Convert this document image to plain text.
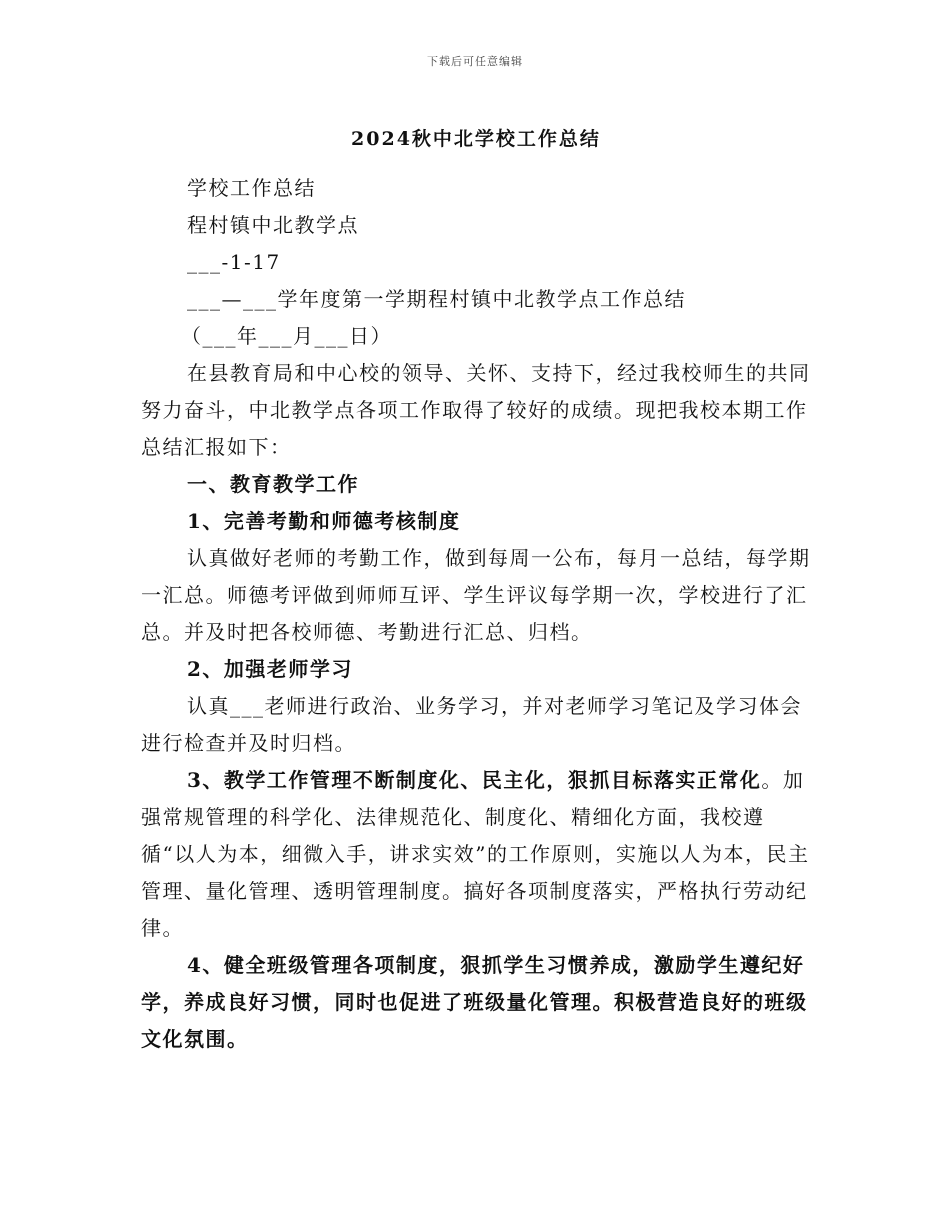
下载后可任意编辑
2024秋中北学校工作总结

学校工作总结

程村镇中北教学点

___-1-17

___—___学年度第一学期程村镇中北教学点工作总结

（___年___月___日）

在县教育局和中心校的领导、关怀、支持下，经过我校师生的共同努力奋斗，中北教学点各项工作取得了较好的成绩。现把我校本期工作总结汇报如下：

一、教育教学工作

1、完善考勤和师德考核制度

认真做好老师的考勤工作，做到每周一公布，每月一总结，每学期一汇总。师德考评做到师师互评、学生评议每学期一次，学校进行了汇总。并及时把各校师德、考勤进行汇总、归档。

2、加强老师学习

认真___老师进行政治、业务学习，并对老师学习笔记及学习体会进行检查并及时归档。

3、教学工作管理不断制度化、民主化，狠抓目标落实正常化。加强常规管理的科学化、法律规范化、制度化、精细化方面，我校遵循“以人为本，细微入手，讲求实效”的工作原则，实施以人为本，民主管理、量化管理、透明管理制度。搞好各项制度落实，严格执行劳动纪律。

4、健全班级管理各项制度，狠抓学生习惯养成，激励学生遵纪好学，养成良好习惯，同时也促进了班级量化管理。积极营造良好的班级文化氛围。
